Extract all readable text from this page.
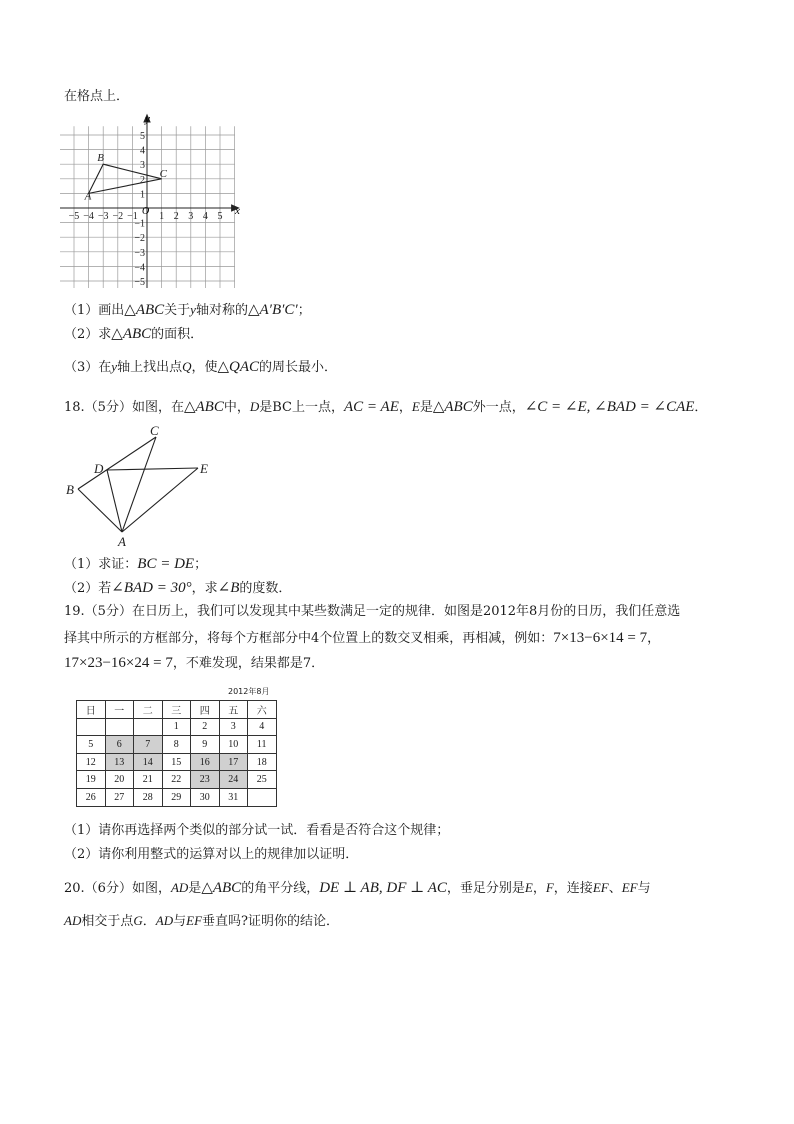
在格点上．
−5 −4 −3 −2 −1 1 2 3 4 5
5
4
3
2
1
−1
−2
−3
−4
−5
A
B
C
y
x
O
（1）画出△ABC关于y轴对称的△A′B′C′；
（2）求△ABC的面积．
（3）在y轴上找出点Q，使△QAC的周长最小．
18.（5分）如图，在△ABC中，D是BC上一点，AC = AE，E是△ABC外一点，∠C = ∠E, ∠BAD = ∠CAE．
C
D	E
B
A
（1）求证：BC = DE；
（2）若∠BAD = 30°，求∠B的度数．
19.（5分）在日历上，我们可以发现其中某些数满足一定的规律．如图是2012年8月份的日历，我们任意选
择其中所示的方框部分，将每个方框部分中4个位置上的数交叉相乘，再相减，例如：7×13−6×14 = 7，
17×23−16×24 = 7，不难发现，结果都是7．
2012年8月
日	一	二	三	四	五	六
			1	2	3	4
5	6	7	8	9	10	11
12	13	14	15	16	17	18
19	20	21	22	23	24	25
26	27	28	29	30	31	
（1）请你再选择两个类似的部分试一试．看看是否符合这个规律；
（2）请你利用整式的运算对以上的规律加以证明．
20.（6分）如图，AD是△ABC的角平分线，DE ⊥ AB, DF ⊥ AC，垂足分别是E，F，连接EF、EF与
AD相交于点G．AD与EF垂直吗?证明你的结论．
